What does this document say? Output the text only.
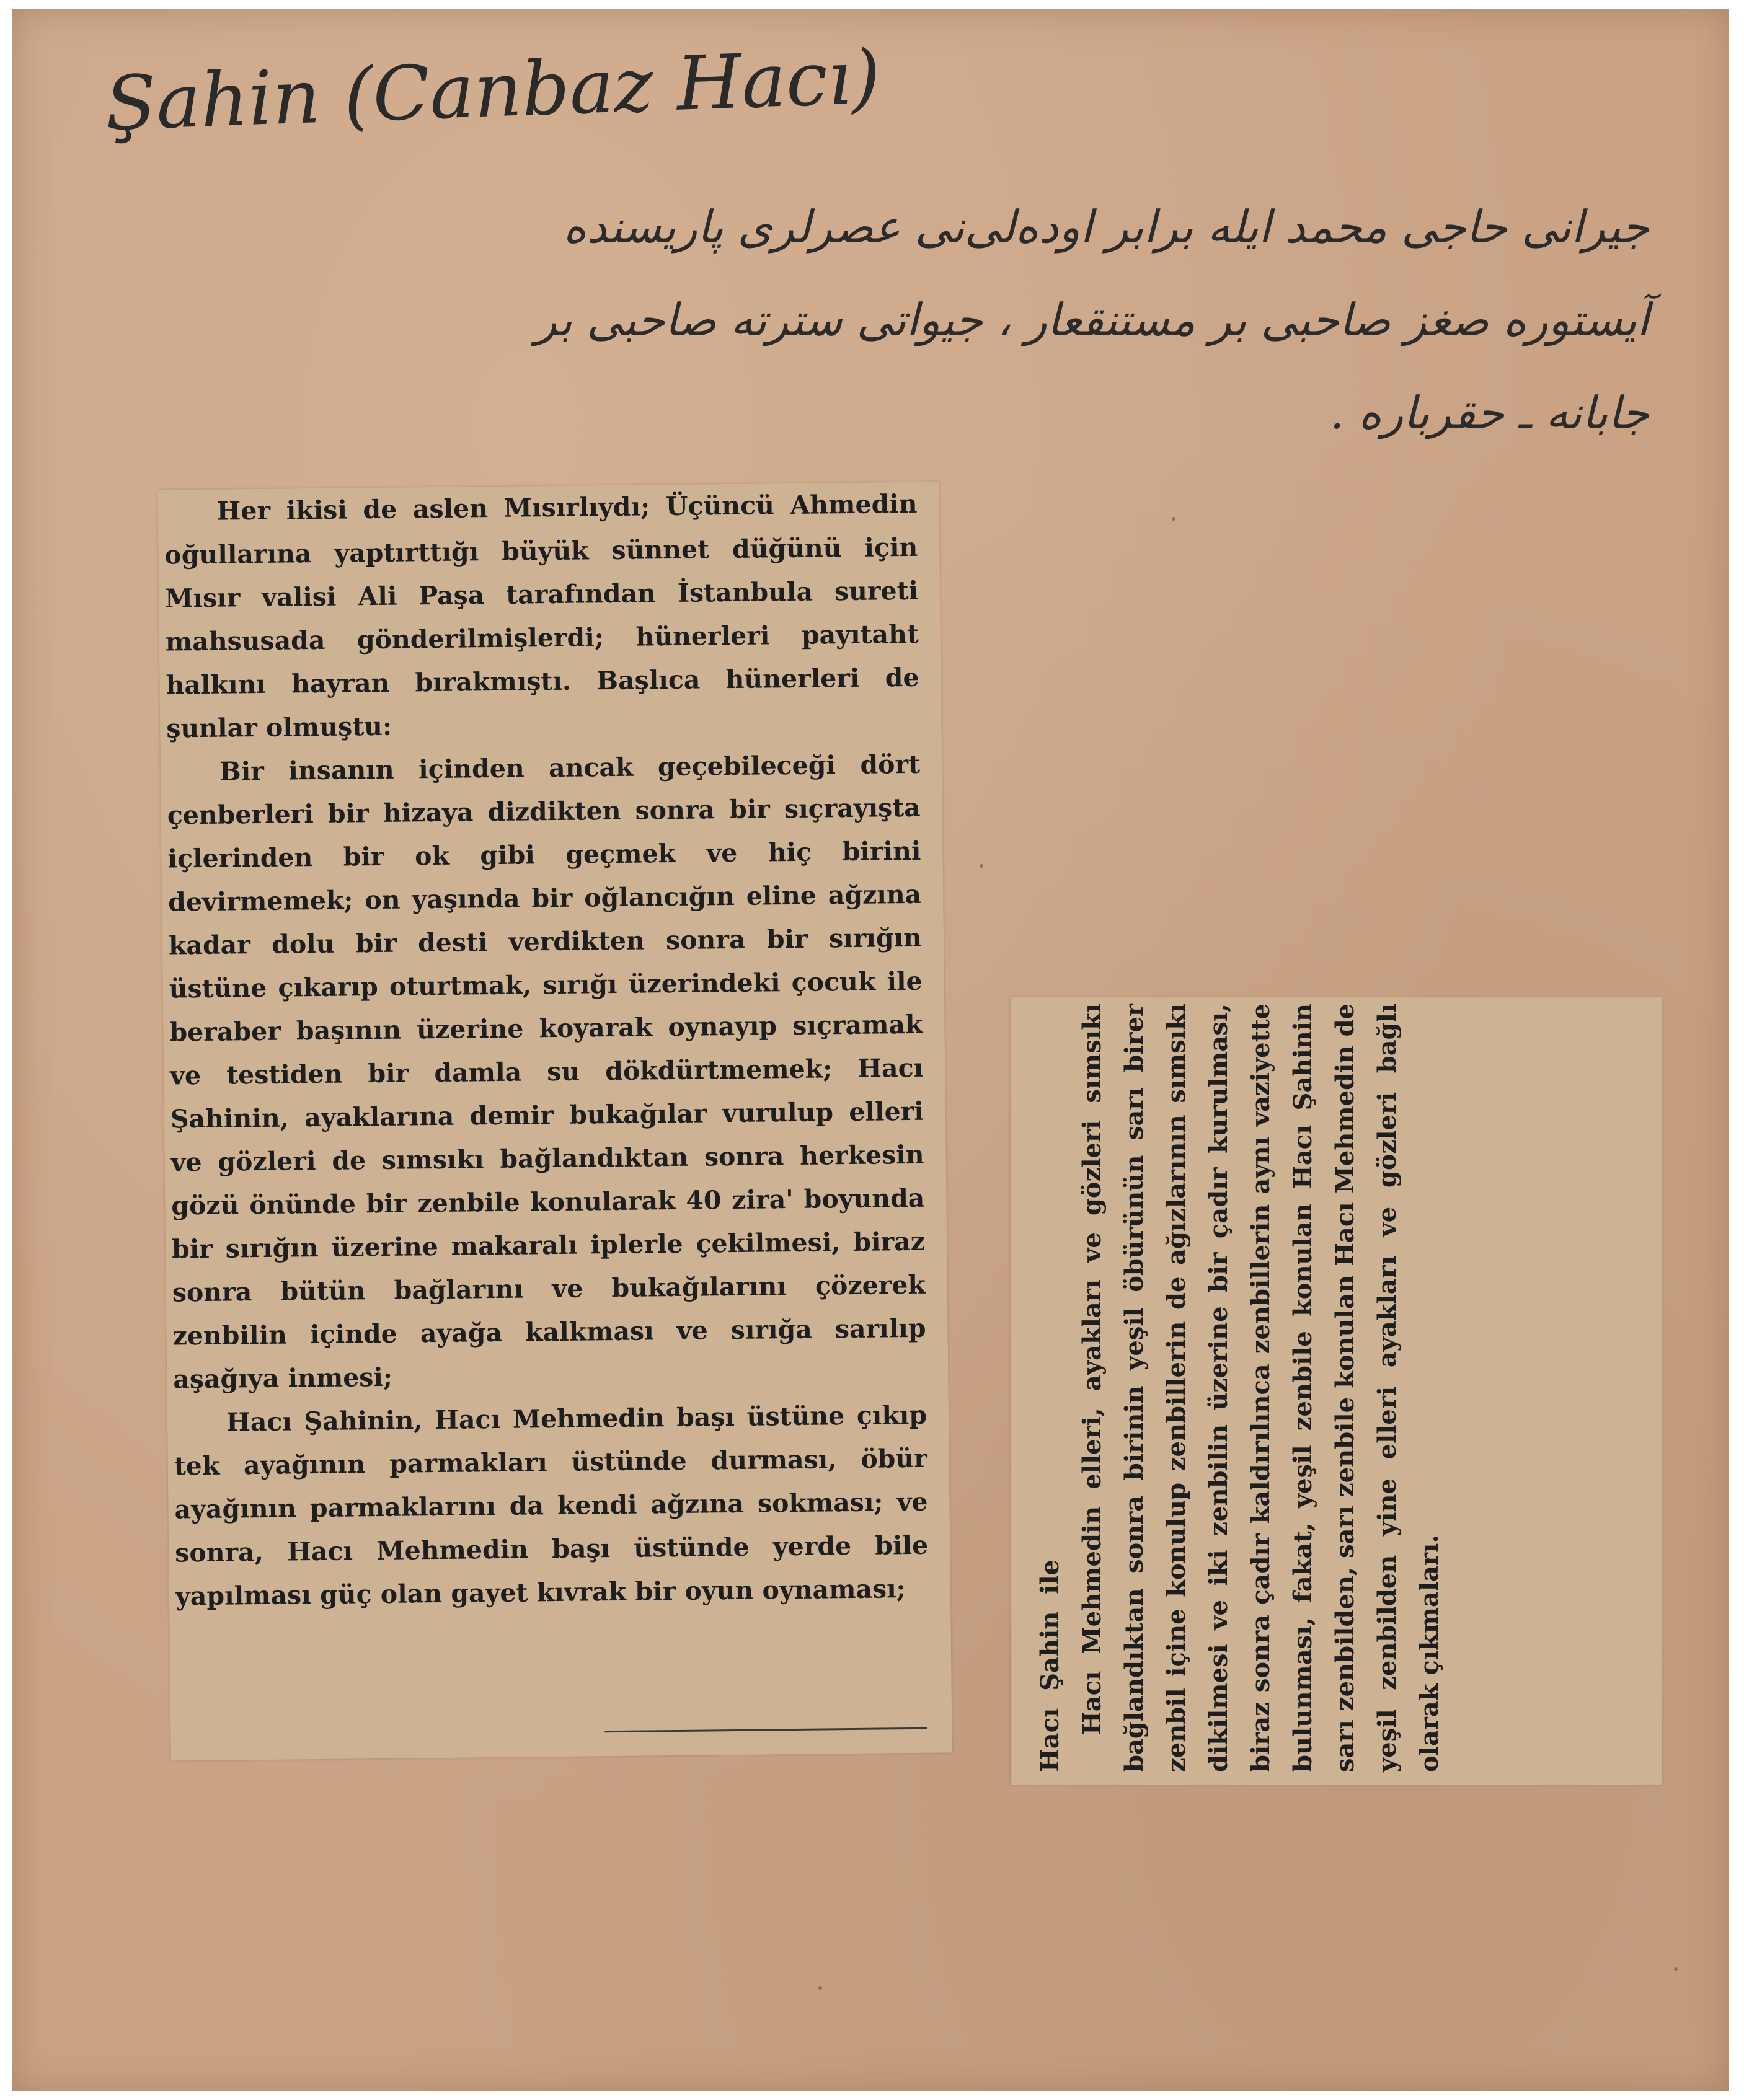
Şahin (Canbaz Hacı)
جیرانی حاجی محمد ایله برابر اوده‌لی‌نی عصرلری پاریسنده
آیستوره صغز صاحبی بر مستنقعار ، جیواتی سترته صاحبی بر
جابانه ـ حقرباره .

Her ikisi de aslen Mısırlıydı; Üçüncü Ahmedin oğullarına yaptırttığı büyük sünnet düğünü için Mısır valisi Ali Paşa tarafından İstanbula sureti mahsusada gönderilmişlerdi; hünerleri payıtaht halkını hayran bırakmıştı. Başlıca hünerleri de şunlar olmuştu:

Bir insanın içinden ancak geçebileceği dört çenberleri bir hizaya dizdikten sonra bir sıçrayışta içlerinden bir ok gibi geçmek ve hiç birini devirmemek; on yaşında bir oğlancığın eline ağzına kadar dolu bir desti verdikten sonra bir sırığın üstüne çıkarıp oturtmak, sırığı üzerindeki çocuk ile beraber başının üzerine koyarak oynayıp sıçramak ve testiden bir damla su dökdürtmemek; Hacı Şahinin, ayaklarına demir bukağılar vurulup elleri ve gözleri de sımsıkı bağlandıktan sonra herkesin gözü önünde bir zenbile konularak 40 zira' boyunda bir sırığın üzerine makaralı iplerle çekilmesi, biraz sonra bütün bağlarını ve bukağılarını çözerek zenbilin içinde ayağa kalkması ve sırığa sarılıp aşağıya inmesi;

Hacı Şahinin, Hacı Mehmedin başı üstüne çıkıp tek ayağının parmakları üstünde durması, öbür ayağının parmaklarını da kendi ağzına sokması; ve sonra, Hacı Mehmedin başı üstünde yerde bile yapılması güç olan gayet kıvrak bir oyun oynaması;	Hacı  Şahin  ile Hacı Mehmedin elleri, ayakları ve gözleri sımsıkı bağlandıktan sonra birinin yeşil öbürünün sarı birer zenbil içine konulup zenbillerin de ağızlarının sımsıkı dikilmesi ve iki zenbilin üzerine bir çadır kurulması, biraz sonra çadır kaldırılınca zenbillerin aynı vaziyette bulunması, fakat, yeşil zenbile konulan Hacı Şahinin sarı zenbilden, sarı zenbile konulan Hacı Mehmedin de yeşil zenbilden yine elleri ayakları ve gözleri bağlı olarak çıkmaları.
